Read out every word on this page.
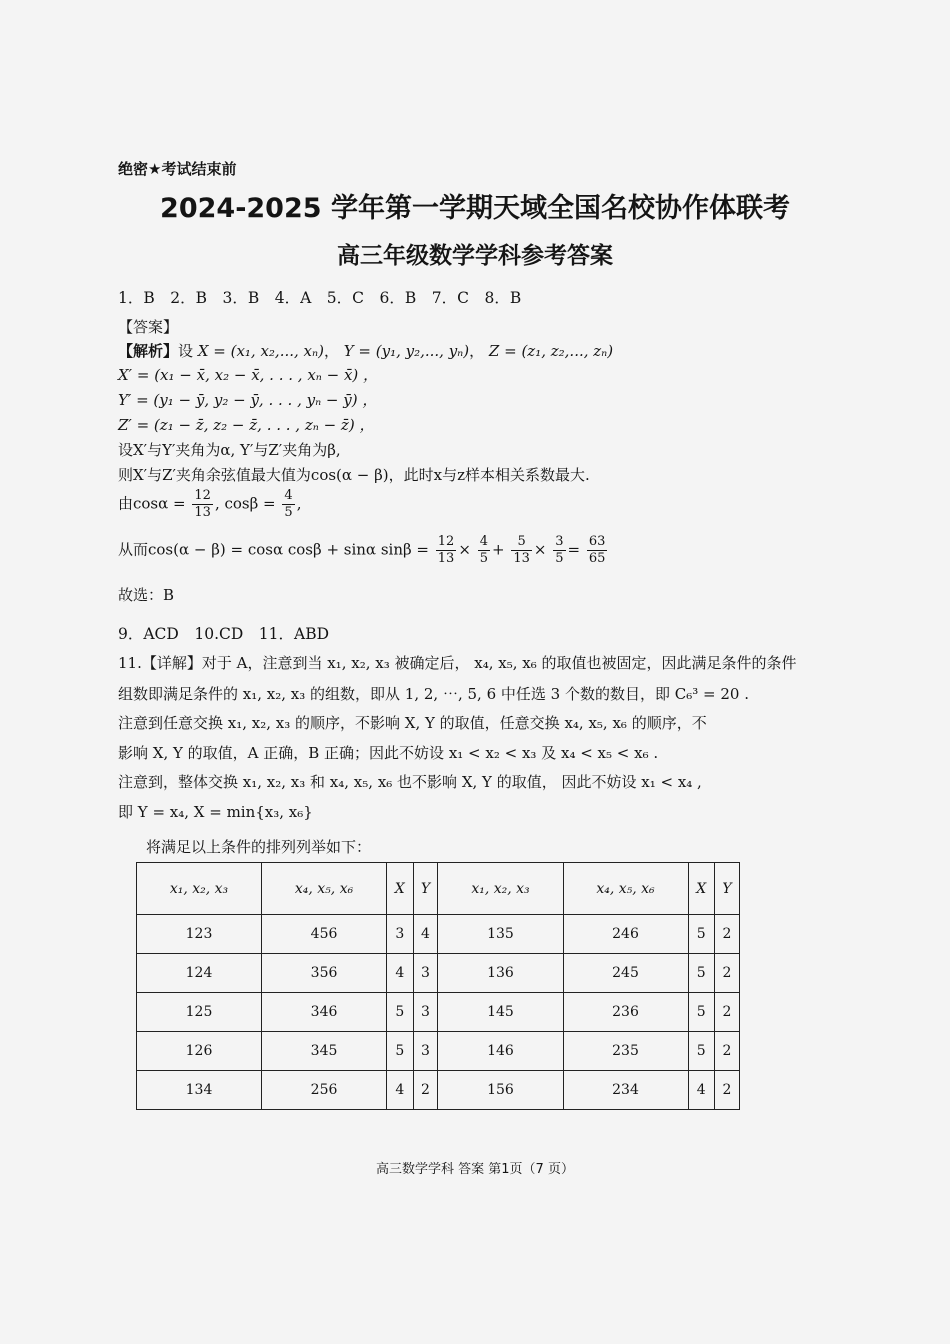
绝密★考试结束前
2024-2025 学年第一学期天域全国名校协作体联考
高三年级数学学科参考答案
1．B　2．B　3．B　4．A　5．C　6．B　7．C　8．B
【答案】
【解析】设 X = (x₁, x₂,..., xₙ)， Y = (y₁, y₂,..., yₙ)， Z = (z₁, z₂,..., zₙ)
X′ = (x₁ − x̄, x₂ − x̄, . . . , xₙ − x̄) ，
Y′ = (y₁ − ȳ, y₂ − ȳ, . . . , yₙ − ȳ) ，
Z′ = (z₁ − z̄, z₂ − z̄, . . . , zₙ − z̄) ，
设X′与Y′夹角为α, Y′与Z′夹角为β,
则X′与Z′夹角余弦值最大值为cos(α − β)，此时x与z样本相关系数最大.
由$\cos\alpha = \frac{12}{13}$ , $\cos\beta = \frac{4}{5}$ ,
从而cos(α − β) = cosα cosβ + sinα $\sin\beta = \frac{12}{13} \times \frac{4}{5} + \frac{5}{13} \times \frac{3}{5} = \frac{63}{65}$
故选：B
9．ACD　10.CD　11．ABD
11.【详解】对于 A，注意到当 x₁, x₂, x₃ 被确定后， x₄, x₅, x₆ 的取值也被固定，因此满足条件的条件
组数即满足条件的 x₁, x₂, x₃ 的组数，即从 1, 2, ⋯, 5, 6 中任选 3 个数的数目，即 C₆³ = 20 .
注意到任意交换 x₁, x₂, x₃ 的顺序，不影响 X, Y 的取值，任意交换 x₄, x₅, x₆ 的顺序，不
影响 X, Y 的取值，A 正确，B 正确；因此不妨设 x₁ < x₂ < x₃ 及 x₄ < x₅ < x₆ .
注意到，整体交换 x₁, x₂, x₃ 和 x₄, x₅, x₆ 也不影响 X, Y 的取值， 因此不妨设 x₁ < x₄ ,
即 Y = x₄, X = min{x₃, x₆}
将满足以上条件的排列列举如下：
x₁, x₂, x₃	x₄, x₅, x₆	X	Y	x₁, x₂, x₃	x₄, x₅, x₆	X	Y
123	456	3	4	135	246	5	2
124	356	4	3	136	245	5	2
125	346	5	3	145	236	5	2
126	345	5	3	146	235	5	2
134	256	4	2	156	234	4	2
高三数学学科 答案 第1页（7 页）
